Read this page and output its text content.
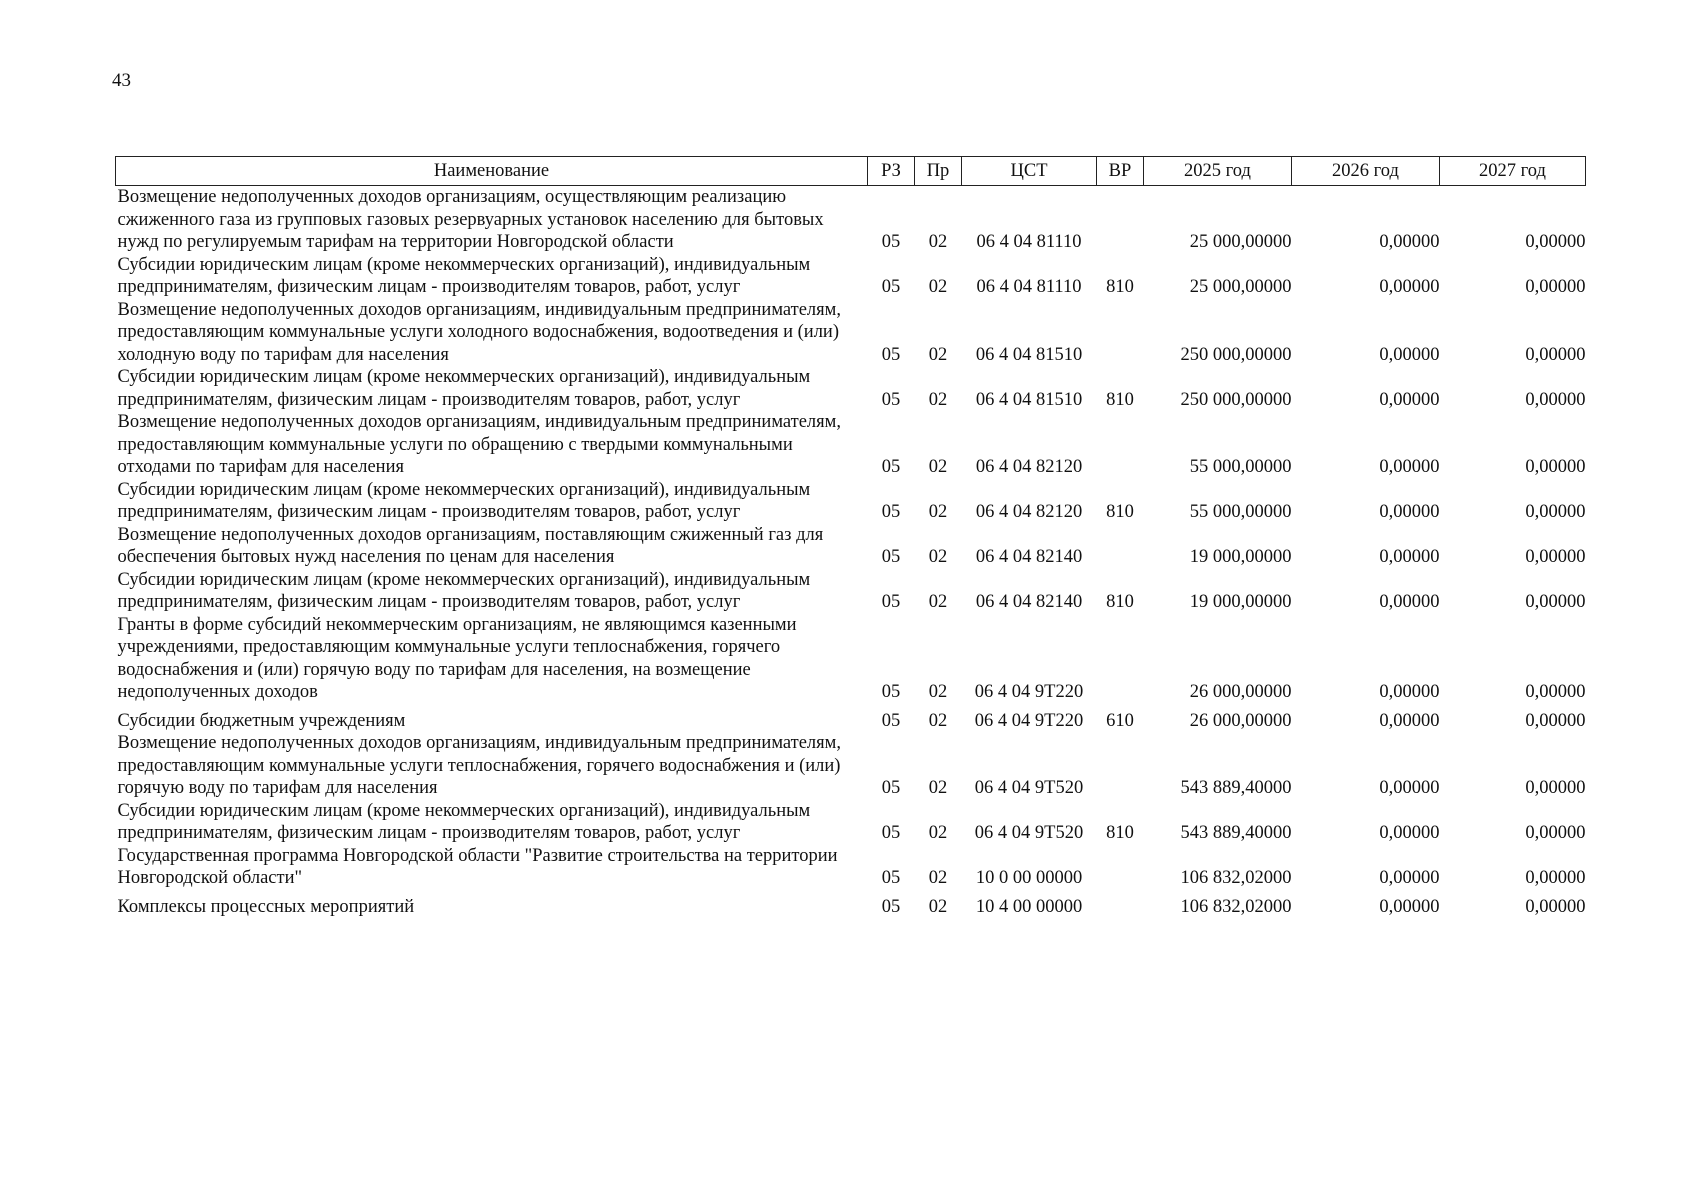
43
Наименование	РЗ	Пр	ЦСТ	ВР	2025 год	2026 год	2027 год
Возмещение недополученных доходов организациям, осуществляющим реализацию сжиженного газа из групповых газовых резервуарных установок населению для бытовых нужд по регулируемым тарифам на территории Новгородской области	05	02	06 4 04 81110		25 000,00000	0,00000	0,00000
Субсидии юридическим лицам (кроме некоммерческих организаций), индивидуальным предпринимателям, физическим лицам - производителям товаров, работ, услуг	05	02	06 4 04 81110	810	25 000,00000	0,00000	0,00000
Возмещение недополученных доходов организациям, индивидуальным предпринимателям, предоставляющим коммунальные услуги холодного водоснабжения, водоотведения и (или) холодную воду по тарифам для населения	05	02	06 4 04 81510		250 000,00000	0,00000	0,00000
Субсидии юридическим лицам (кроме некоммерческих организаций), индивидуальным предпринимателям, физическим лицам - производителям товаров, работ, услуг	05	02	06 4 04 81510	810	250 000,00000	0,00000	0,00000
Возмещение недополученных доходов организациям, индивидуальным предпринимателям, предоставляющим коммунальные услуги по обращению с твердыми коммунальными отходами по тарифам для населения	05	02	06 4 04 82120		55 000,00000	0,00000	0,00000
Субсидии юридическим лицам (кроме некоммерческих организаций), индивидуальным предпринимателям, физическим лицам - производителям товаров, работ, услуг	05	02	06 4 04 82120	810	55 000,00000	0,00000	0,00000
Возмещение недополученных доходов организациям, поставляющим сжиженный газ для обеспечения бытовых нужд населения по ценам для населения	05	02	06 4 04 82140		19 000,00000	0,00000	0,00000
Субсидии юридическим лицам (кроме некоммерческих организаций), индивидуальным предпринимателям, физическим лицам - производителям товаров, работ, услуг	05	02	06 4 04 82140	810	19 000,00000	0,00000	0,00000
Гранты в форме субсидий некоммерческим организациям, не являющимся казенными учреждениями, предоставляющим коммунальные услуги теплоснабжения, горячего водоснабжения и (или) горячую воду по тарифам для населения, на возмещение недополученных доходов	05	02	06 4 04 9Т220		26 000,00000	0,00000	0,00000
Субсидии бюджетным учреждениям	05	02	06 4 04 9Т220	610	26 000,00000	0,00000	0,00000
Возмещение недополученных доходов организациям, индивидуальным предпринимателям, предоставляющим коммунальные услуги теплоснабжения, горячего водоснабжения и (или) горячую воду по тарифам для населения	05	02	06 4 04 9Т520		543 889,40000	0,00000	0,00000
Субсидии юридическим лицам (кроме некоммерческих организаций), индивидуальным предпринимателям, физическим лицам - производителям товаров, работ, услуг	05	02	06 4 04 9Т520	810	543 889,40000	0,00000	0,00000
Государственная программа Новгородской области "Развитие строительства на территории Новгородской области"	05	02	10 0 00 00000		106 832,02000	0,00000	0,00000
Комплексы процессных мероприятий	05	02	10 4 00 00000		106 832,02000	0,00000	0,00000
